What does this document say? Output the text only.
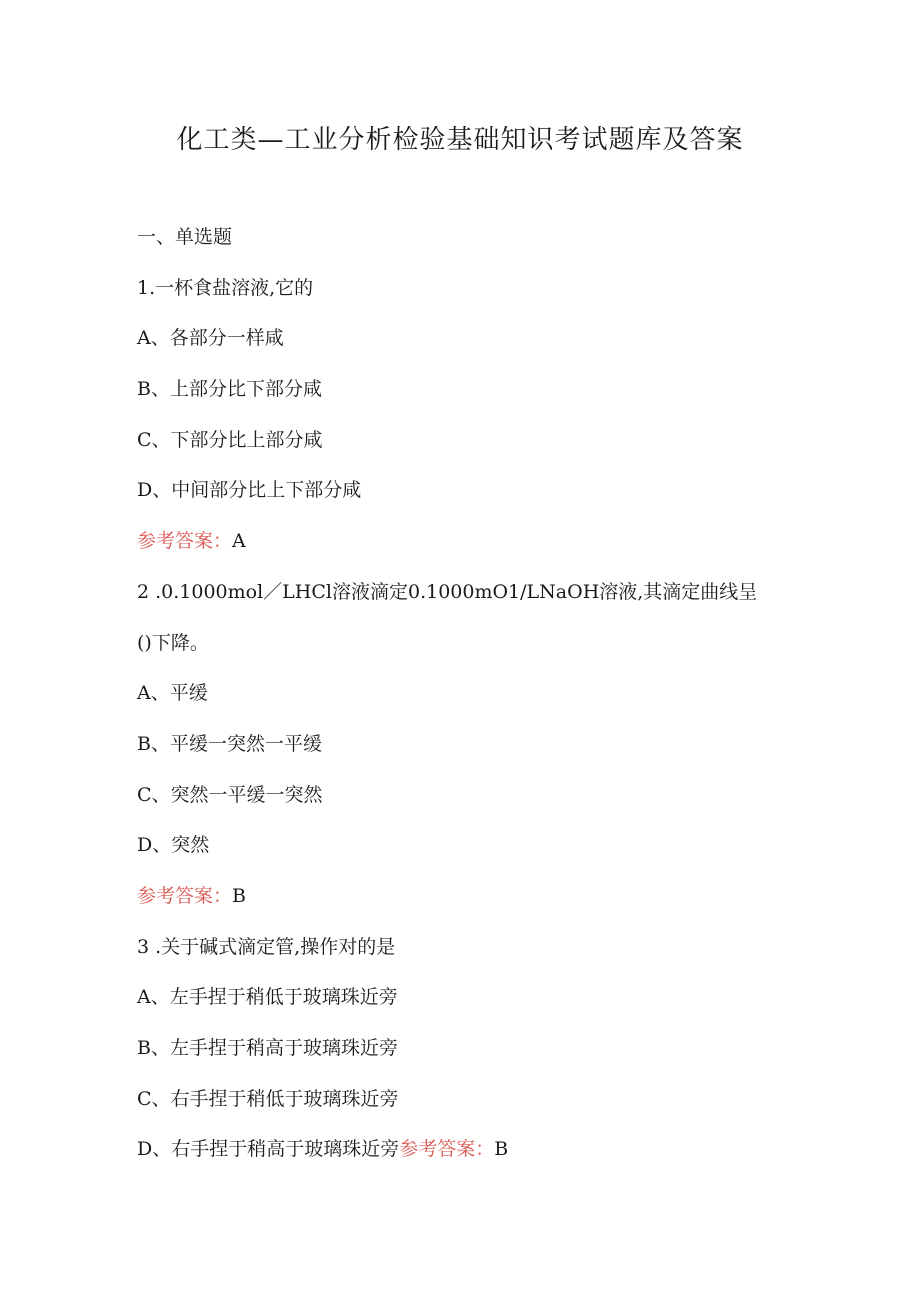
化工类—工业分析检验基础知识考试题库及答案
一、单选题
1.一杯食盐溶液,它的
A、各部分一样咸
B、上部分比下部分咸
C、下部分比上部分咸
D、中间部分比上下部分咸
参考答案：A
2 .0.1000mol／LHCl溶液滴定0.1000mO1/LNaOH溶液,其滴定曲线呈
()下降。
A、平缓
B、平缓一突然一平缓
C、突然一平缓一突然
D、突然
参考答案：B
3 .关于碱式滴定管,操作对的是
A、左手捏于稍低于玻璃珠近旁
B、左手捏于稍高于玻璃珠近旁
C、右手捏于稍低于玻璃珠近旁
D、右手捏于稍高于玻璃珠近旁参考答案：B
